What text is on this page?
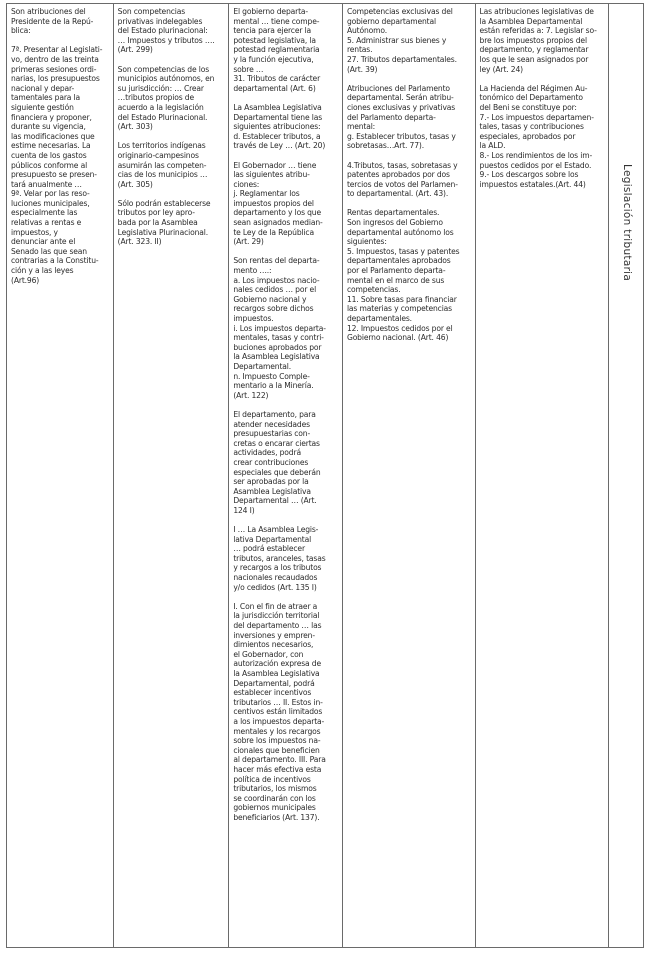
Son atribuciones del
Presidente de la Repú-
blica:

7ª. Presentar al Legislati-
vo, dentro de las treinta
primeras sesiones ordi-
narias, los presupuestos
nacional y depar-
tamentales para la
siguiente gestión
financiera y proponer,
durante su vigencia,
las modificaciones que
estime necesarias. La
cuenta de los gastos
públicos conforme al
presupuesto se presen-
tará anualmente …
9ª. Velar por las reso-
luciones municipales,
especialmente las
relativas a rentas e
impuestos, y
denunciar ante el
Senado las que sean
contrarias a la Constitu-
ción y a las leyes
(Art.96)

Son competencias
privativas indelegables
del Estado plurinacional:
… Impuestos y tributos ….
(Art. 299)

Son competencias de los
municipios autónomos, en
su jurisdicción: … Crear
…tributos propios de
acuerdo a la legislación
del Estado Plurinacional.
(Art. 303)

Los territorios indígenas
originario-campesinos
asumirán las competen-
cias de los municipios …
(Art. 305)

Sólo podrán establecerse
tributos por ley apro-
bada por la Asamblea
Legislativa Plurinacional.
(Art. 323. II)

El gobierno departa-
mental … tiene compe-
tencia para ejercer la
potestad legislativa, la
potestad reglamentaria
y la función ejecutiva,
sobre …
31. Tributos de carácter
departamental (Art. 6)

La Asamblea Legislativa
Departamental tiene las
siguientes atribuciones:
d. Establecer tributos, a
través de Ley … (Art. 20)

El Gobernador … tiene
las siguientes atribu-
ciones:
j. Reglamentar los
impuestos propios del
departamento y los que
sean asignados median-
te Ley de la República
(Art. 29)

Son rentas del departa-
mento ….:
a. Los impuestos nacio-
nales cedidos … por el
Gobierno nacional y
recargos sobre dichos
impuestos.
i. Los impuestos departa-
mentales, tasas y contri-
buciones aprobados por
la Asamblea Legislativa
Departamental.
n. Impuesto Comple-
mentario a la Minería.
(Art. 122)

El departamento, para
atender necesidades
presupuestarias con-
cretas o encarar ciertas
actividades, podrá
crear contribuciones
especiales que deberán
ser aprobadas por la
Asamblea Legislativa
Departamental … (Art.
124 I)

I … La Asamblea Legis-
lativa Departamental
… podrá establecer
tributos, aranceles, tasas
y recargos a los tributos
nacionales recaudados
y/o cedidos (Art. 135 I)

I. Con el fin de atraer a
la jurisdicción territorial
del departamento … las
inversiones y empren-
dimientos necesarios,
el Gobernador, con
autorización expresa de
la Asamblea Legislativa
Departamental, podrá
establecer incentivos
tributarios … II. Estos in-
centivos están limitados
a los impuestos departa-
mentales y los recargos
sobre los impuestos na-
cionales que beneficien
al departamento. III. Para
hacer más efectiva esta
política de incentivos
tributarios, los mismos
se coordinarán con los
gobiernos municipales
beneficiarios (Art. 137).

Competencias exclusivas del
gobierno departamental
Autónomo.
5. Administrar sus bienes y
rentas.
27. Tributos departamentales.
(Art. 39)

Atribuciones del Parlamento
departamental. Serán atribu-
ciones exclusivas y privativas
del Parlamento departa-
mental:
g. Establecer tributos, tasas y
sobretasas…Art. 77).

4.Tributos, tasas, sobretasas y
patentes aprobados por dos
tercios de votos del Parlamen-
to departamental. (Art. 43).

Rentas departamentales.
Son ingresos del Gobierno
departamental autónomo los
siguientes:
5. Impuestos, tasas y patentes
departamentales aprobados
por el Parlamento departa-
mental en el marco de sus
competencias.
11. Sobre tasas para financiar
las materias y competencias
departamentales.
12. Impuestos cedidos por el
Gobierno nacional. (Art. 46)

Las atribuciones legislativas de
la Asamblea Departamental
están referidas a: 7. Legislar so-
bre los impuestos propios del
departamento, y reglamentar
los que le sean asignados por
ley (Art. 24)

La Hacienda del Régimen Au-
tonómico del Departamento
del Beni se constituye por:
7.- Los impuestos departamen-
tales, tasas y contribuciones
especiales, aprobados por
la ALD.
8.- Los rendimientos de los im-
puestos cedidos por el Estado.
9.- Los descargos sobre los
impuestos estatales.(Art. 44)	Legislación tributaria
